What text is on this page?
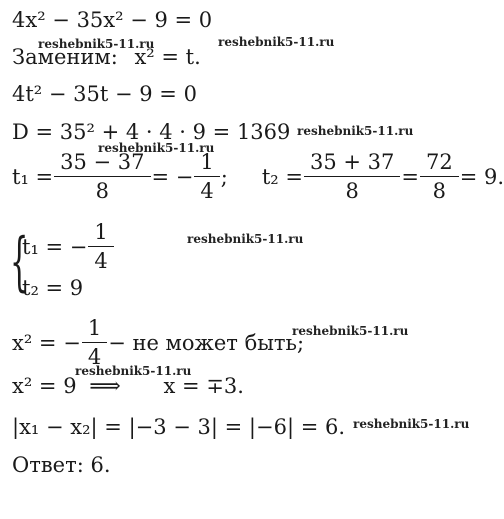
4x² − 35x² − 9 = 0
Заменим: x² = t.
4t² − 35t − 9 = 0
D = 35² + 4 · 4 · 9 = 1369
$t_1 = \frac{35 - 37}{8}$ = − $\frac{1}{4}$ ; $t_2 = \frac{35 + 37}{8} = \frac{72}{8} = 9$.
{
t₁ = − $\frac{1}{4}$
t₂ = 9
x² = − $\frac{1}{4}$ − не может быть;
x² = 9 ⟹ x = ∓3.
|x₁ − x₂| = |−3 − 3| = |−6| = 6.
Ответ: 6.
reshebnik5-11.ru	reshebnik5-11.ru
reshebnik5-11.ru
reshebnik5-11.ru
reshebnik5-11.ru
reshebnik5-11.ru
reshebnik5-11.ru
reshebnik5-11.ru
